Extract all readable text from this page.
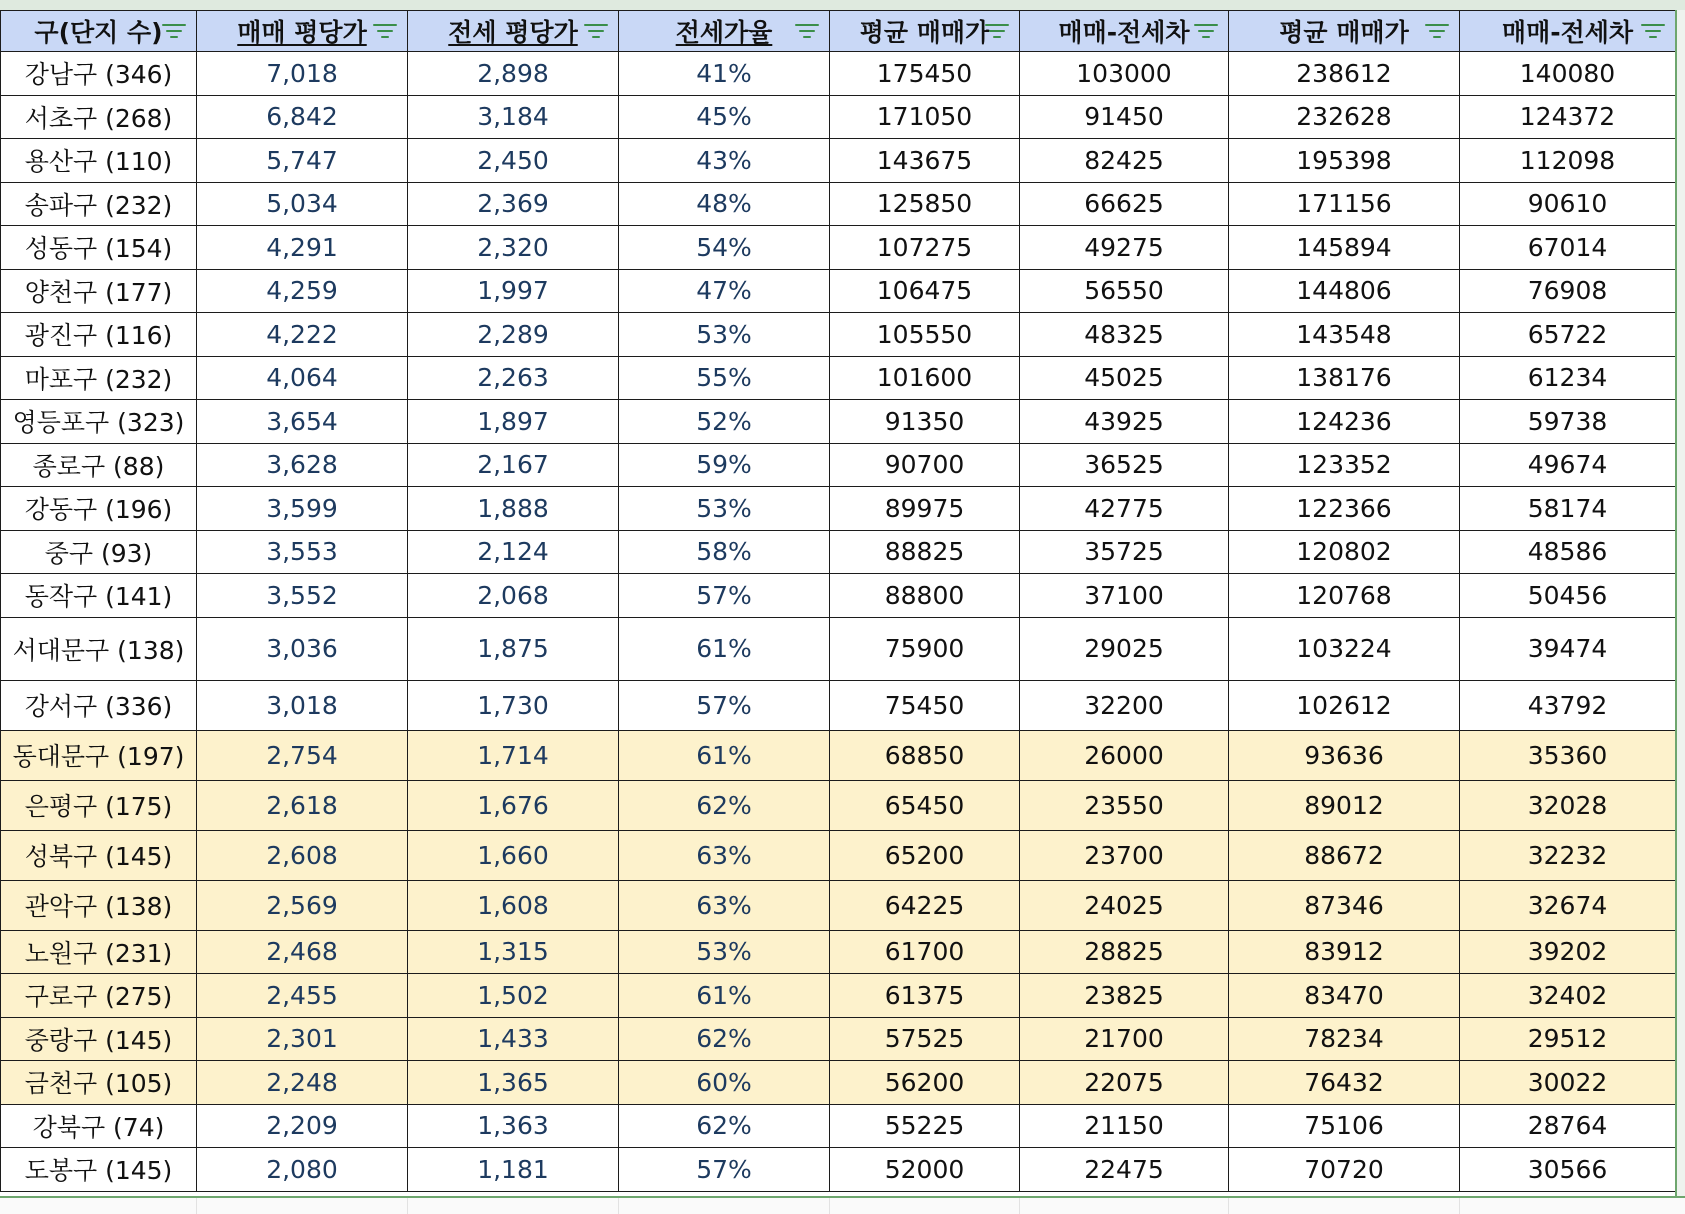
구(단지 수)	매매 평당가	전세 평당가	전세가율	평균 매매가	매매-전세차	평균 매매가	매매-전세차

강남구 (346)	7,018	2,898	41%	175450	103000	238612	140080
서초구 (268)	6,842	3,184	45%	171050	91450	232628	124372
용산구 (110)	5,747	2,450	43%	143675	82425	195398	112098
송파구 (232)	5,034	2,369	48%	125850	66625	171156	90610
성동구 (154)	4,291	2,320	54%	107275	49275	145894	67014
양천구 (177)	4,259	1,997	47%	106475	56550	144806	76908
광진구 (116)	4,222	2,289	53%	105550	48325	143548	65722
마포구 (232)	4,064	2,263	55%	101600	45025	138176	61234
영등포구 (323)	3,654	1,897	52%	91350	43925	124236	59738
종로구 (88)	3,628	2,167	59%	90700	36525	123352	49674
강동구 (196)	3,599	1,888	53%	89975	42775	122366	58174
중구 (93)	3,553	2,124	58%	88825	35725	120802	48586
동작구 (141)	3,552	2,068	57%	88800	37100	120768	50456
서대문구 (138)	3,036	1,875	61%	75900	29025	103224	39474
강서구 (336)	3,018	1,730	57%	75450	32200	102612	43792
동대문구 (197)	2,754	1,714	61%	68850	26000	93636	35360
은평구 (175)	2,618	1,676	62%	65450	23550	89012	32028
성북구 (145)	2,608	1,660	63%	65200	23700	88672	32232
관악구 (138)	2,569	1,608	63%	64225	24025	87346	32674
노원구 (231)	2,468	1,315	53%	61700	28825	83912	39202
구로구 (275)	2,455	1,502	61%	61375	23825	83470	32402
중랑구 (145)	2,301	1,433	62%	57525	21700	78234	29512
금천구 (105)	2,248	1,365	60%	56200	22075	76432	30022
강북구 (74)	2,209	1,363	62%	55225	21150	75106	28764
도봉구 (145)	2,080	1,181	57%	52000	22475	70720	30566
